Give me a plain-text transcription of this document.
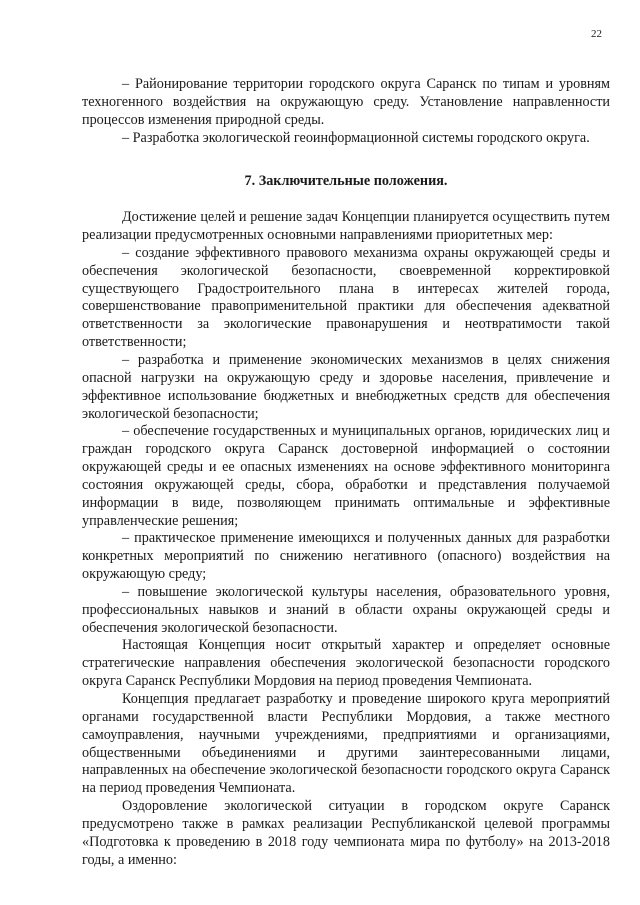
22

– Районирование территории городского округа Саранск по типам и уровням техногенного воздействия на окружающую среду. Установление направленности процессов изменения природной среды.

– Разработка экологической геоинформационной системы городского округа.

7. Заключительные положения.

Достижение целей и решение задач Концепции планируется осуществить путем реализации предусмотренных основными направлениями приоритетных мер:

– создание эффективного правового механизма охраны окружающей среды и обеспечения экологической безопасности, своевременной корректировкой существующего Градостроительного плана в интересах жителей города, совершенствование правоприменительной практики для обеспечения адекватной ответственности за экологические правонарушения и неотвратимости такой ответственности;

– разработка и применение экономических механизмов в целях снижения опасной нагрузки на окружающую среду и здоровье населения, привлечение и эффективное использование бюджетных и внебюджетных средств для обеспечения экологической безопасности;

– обеспечение государственных и муниципальных органов, юридических лиц и граждан городского округа Саранск достоверной информацией о состоянии окружающей среды и ее опасных изменениях на основе эффективного мониторинга состояния окружающей среды, сбора, обработки и представления получаемой информации в виде, позволяющем принимать оптимальные и эффективные управленческие решения;

– практическое применение имеющихся и полученных данных для разработки конкретных мероприятий по снижению негативного (опасного) воздействия на окружающую среду;

– повышение экологической культуры населения, образовательного уровня, профессиональных навыков и знаний в области охраны окружающей среды и обеспечения экологической безопасности.

Настоящая Концепция носит открытый характер и определяет основные стратегические направления обеспечения экологической безопасности городского округа Саранск Республики Мордовия на период проведения Чемпионата.

Концепция предлагает разработку и проведение широкого круга мероприятий органами государственной власти Республики Мордовия, а также местного самоуправления, научными учреждениями, предприятиями и организациями, общественными объединениями и другими заинтересованными лицами, направленных на обеспечение экологической безопасности городского округа Саранск на период проведения Чемпионата.

Оздоровление экологической ситуации в городском округе Саранск предусмотрено также в рамках реализации Республиканской целевой программы «Подготовка к проведению в 2018 году чемпионата мира по футболу» на 2013-2018 годы, а именно:
